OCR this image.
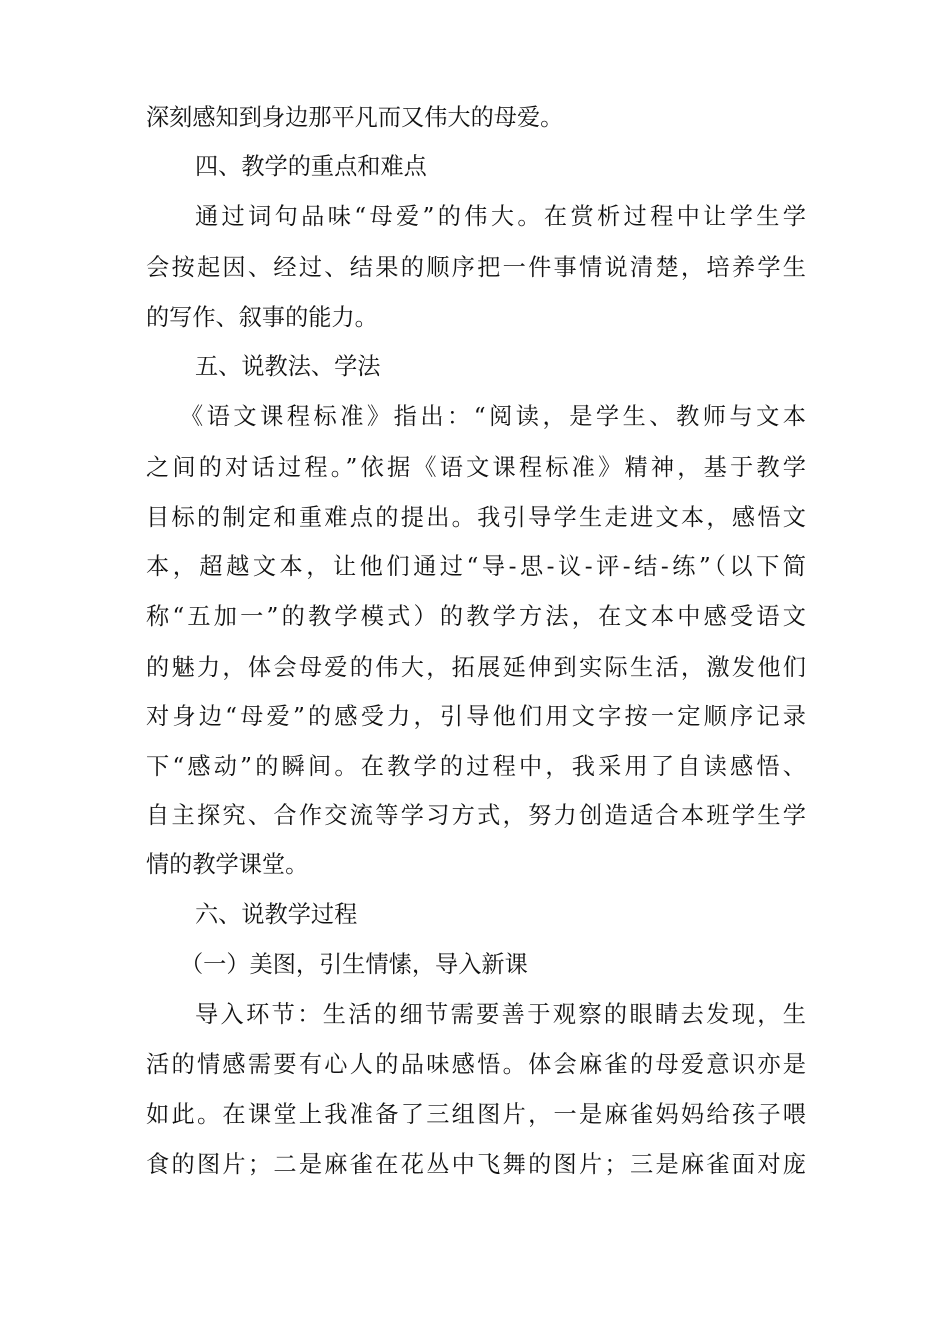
深刻感知到身边那平凡而又伟大的母爱。

四、教学的重点和难点

通过词句品味“母爱”的伟大。在赏析过程中让学生学

会按起因、经过、结果的顺序把一件事情说清楚，培养学生

的写作、叙事的能力。

五、说教法、学法

《语文课程标准》指出：“阅读，是学生、教师与文本

之间的对话过程。”依据《语文课程标准》精神，基于教学

目标的制定和重难点的提出。我引导学生走进文本，感悟文

本，超越文本，让他们通过“导-思-议-评-结-练”（以下简

称“五加一”的教学模式）的教学方法，在文本中感受语文

的魅力，体会母爱的伟大，拓展延伸到实际生活，激发他们

对身边“母爱”的感受力，引导他们用文字按一定顺序记录

下“感动”的瞬间。在教学的过程中，我采用了自读感悟、

自主探究、合作交流等学习方式，努力创造适合本班学生学

情的教学课堂。

六、说教学过程

（一）美图，引生情愫，导入新课

导入环节：生活的细节需要善于观察的眼睛去发现，生

活的情感需要有心人的品味感悟。体会麻雀的母爱意识亦是

如此。在课堂上我准备了三组图片，一是麻雀妈妈给孩子喂

食的图片；二是麻雀在花丛中飞舞的图片；三是麻雀面对庞
